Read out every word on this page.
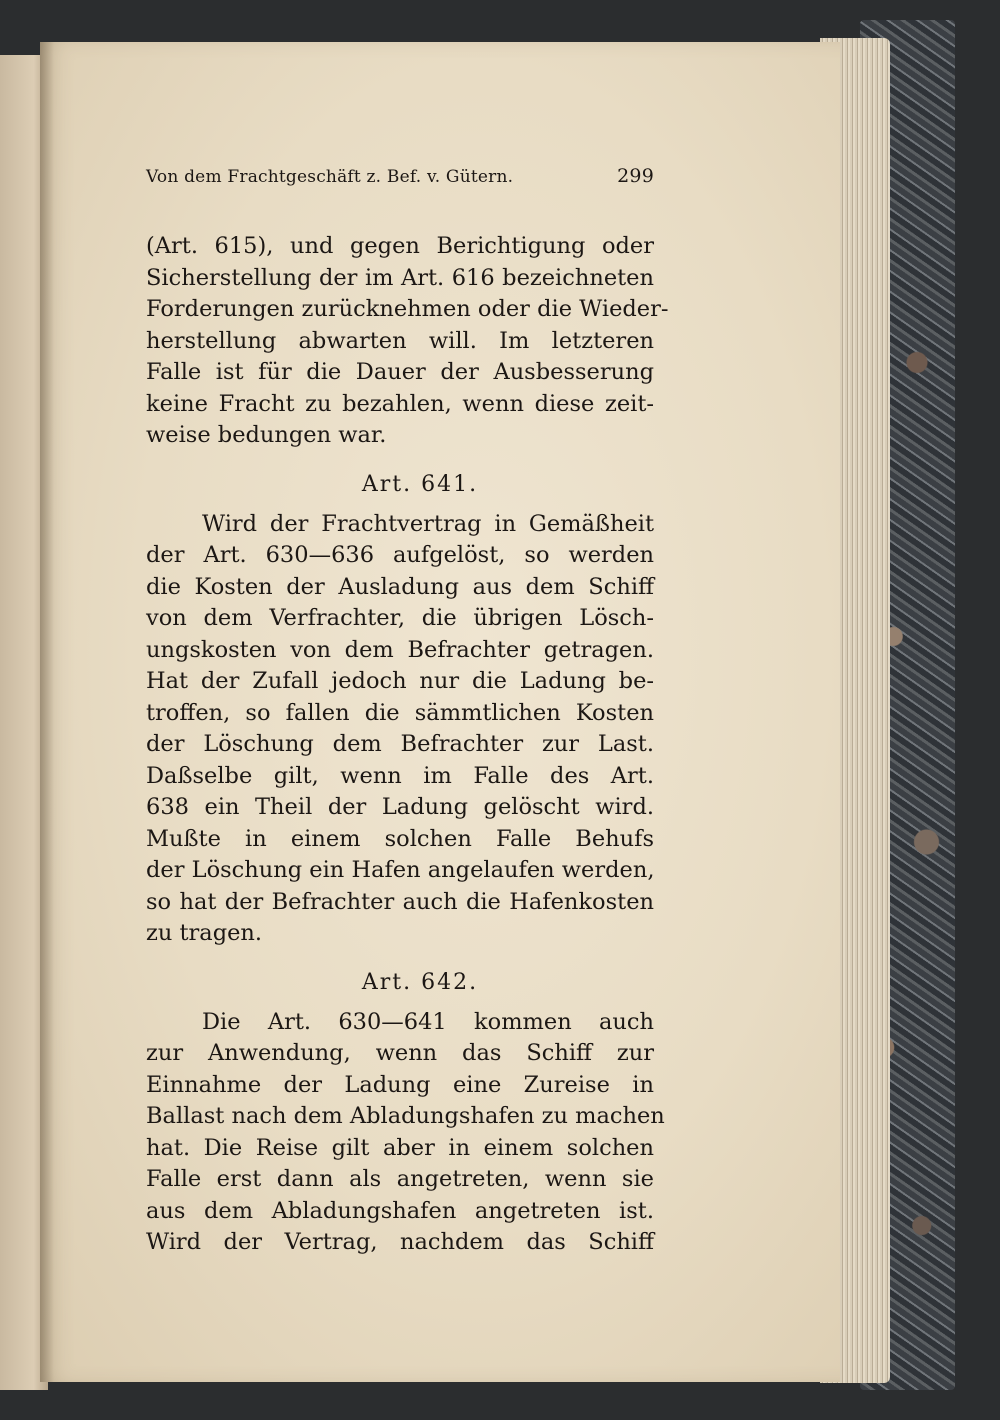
Von dem Frachtgeschäft z. Bef. v. Gütern.	299

(Art. 615), und gegen Berichtigung oder
Sicherstellung der im Art. 616 bezeichneten
Forderungen zurücknehmen oder die Wieder-
herstellung abwarten will. Im letzteren
Falle ist für die Dauer der Ausbesserung
keine Fracht zu bezahlen, wenn diese zeit-
weise bedungen war.

Art. 641.

Wird der Frachtvertrag in Gemäßheit
der Art. 630—636 aufgelöst, so werden
die Kosten der Ausladung aus dem Schiff
von dem Verfrachter, die übrigen Lösch-
ungskosten von dem Befrachter getragen.
Hat der Zufall jedoch nur die Ladung be-
troffen, so fallen die sämmtlichen Kosten
der Löschung dem Befrachter zur Last.
Daßselbe gilt, wenn im Falle des Art.
638 ein Theil der Ladung gelöscht wird.
Mußte in einem solchen Falle Behufs
der Löschung ein Hafen angelaufen werden,
so hat der Befrachter auch die Hafenkosten
zu tragen.

Art. 642.

Die Art. 630—641 kommen auch
zur Anwendung, wenn das Schiff zur
Einnahme der Ladung eine Zureise in
Ballast nach dem Abladungshafen zu machen
hat. Die Reise gilt aber in einem solchen
Falle erst dann als angetreten, wenn sie
aus dem Abladungshafen angetreten ist.
Wird der Vertrag, nachdem das Schiff
